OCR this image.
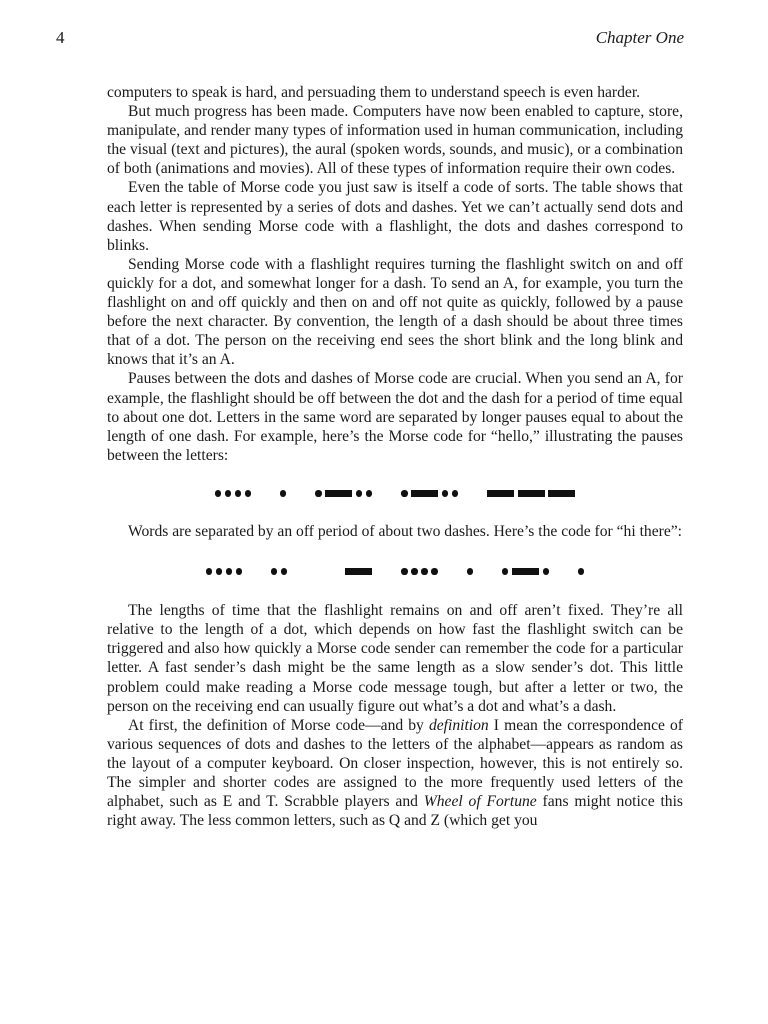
4	Chapter One

computers to speak is hard, and persuading them to understand speech is even harder.

But much progress has been made. Computers have now been enabled to capture, store, manipulate, and render many types of information used in human communication, including the visual (text and pictures), the aural (spoken words, sounds, and music), or a combination of both (animations and movies). All of these types of information require their own codes.

Even the table of Morse code you just saw is itself a code of sorts. The table shows that each letter is represented by a series of dots and dashes. Yet we can’t actually send dots and dashes. When sending Morse code with a flashlight, the dots and dashes correspond to blinks.

Sending Morse code with a flashlight requires turning the flashlight switch on and off quickly for a dot, and somewhat longer for a dash. To send an A, for example, you turn the flashlight on and off quickly and then on and off not quite as quickly, followed by a pause before the next character. By convention, the length of a dash should be about three times that of a dot. The person on the receiving end sees the short blink and the long blink and knows that it’s an A.

Pauses between the dots and dashes of Morse code are crucial. When you send an A, for example, the flashlight should be off between the dot and the dash for a period of time equal to about one dot. Letters in the same word are separated by longer pauses equal to about the length of one dash. For example, here’s the Morse code for “hello,” illustrating the pauses between the letters:

Words are separated by an off period of about two dashes. Here’s the code for “hi there”:

The lengths of time that the flashlight remains on and off aren’t fixed. They’re all relative to the length of a dot, which depends on how fast the flashlight switch can be triggered and also how quickly a Morse code sender can remember the code for a particular letter. A fast sender’s dash might be the same length as a slow sender’s dot. This little problem could make reading a Morse code message tough, but after a letter or two, the person on the receiving end can usually figure out what’s a dot and what’s a dash.

At first, the definition of Morse code—and by definition I mean the correspondence of various sequences of dots and dashes to the letters of the alphabet—appears as random as the layout of a computer keyboard. On closer inspection, however, this is not entirely so. The simpler and shorter codes are assigned to the more frequently used letters of the alphabet, such as E and T. Scrabble players and Wheel of Fortune fans might notice this right away. The less common letters, such as Q and Z (which get you
